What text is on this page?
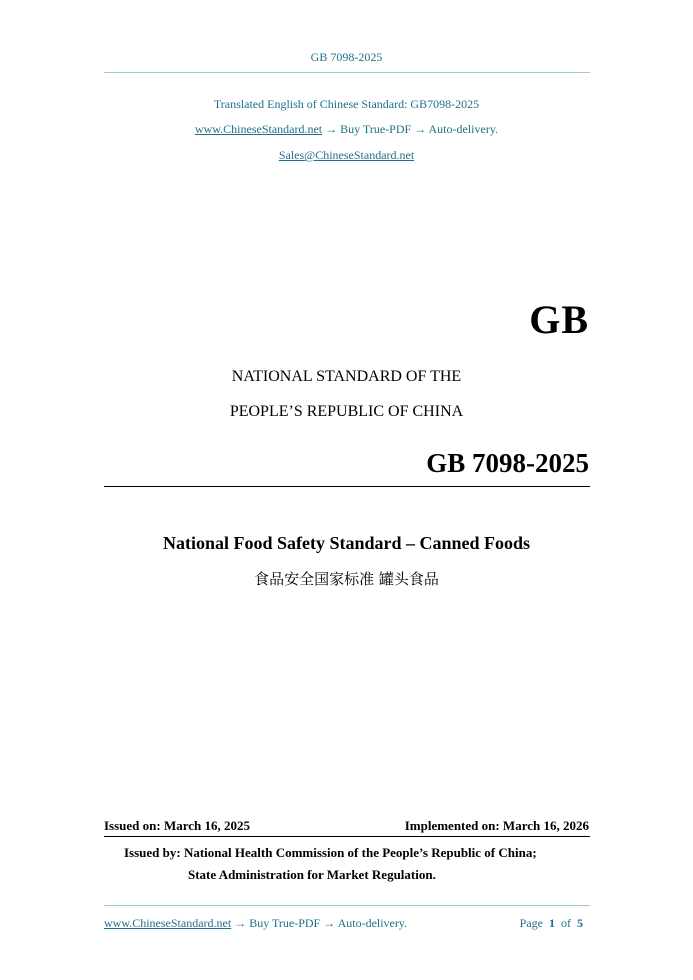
GB 7098-2025
Translated English of Chinese Standard: GB7098-2025
www.ChineseStandard.net → Buy True-PDF → Auto-delivery.
Sales@ChineseStandard.net
GB
NATIONAL STANDARD OF THE
PEOPLE’S REPUBLIC OF CHINA
GB 7098-2025
National Food Safety Standard – Canned Foods
食品安全国家标准 罐头食品
Issued on: March 16, 2025	Implemented on: March 16, 2026
Issued by: National Health Commission of the People’s Republic of China;
State Administration for Market Regulation.
www.ChineseStandard.net → Buy True-PDF → Auto-delivery.	Page 1 of 5
